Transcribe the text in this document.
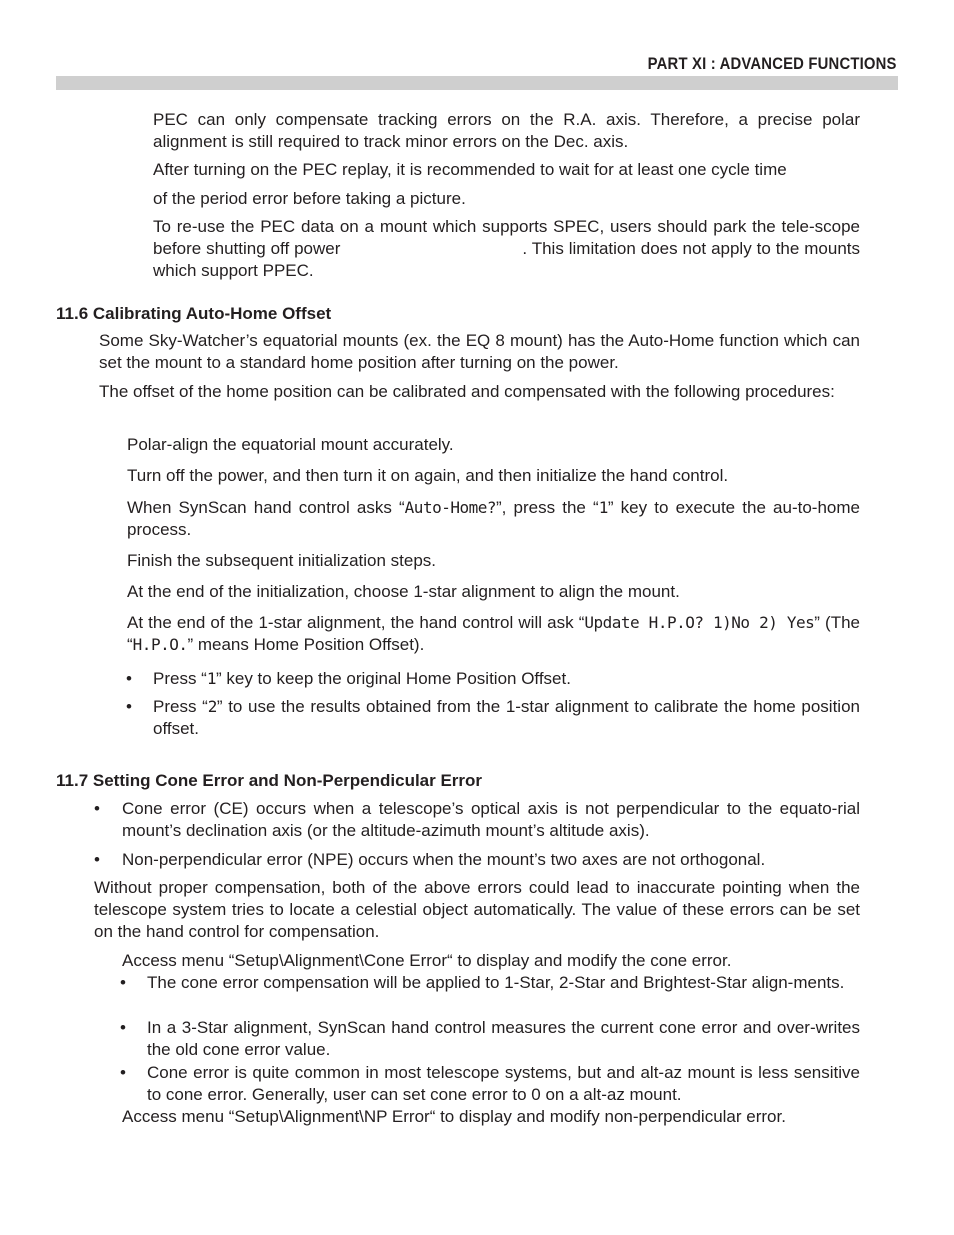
PART XI : ADVANCED FUNCTIONS

PEC can only compensate tracking errors on the R.A. axis. Therefore, a precise polar alignment is still required to track minor errors on the Dec. axis.

After turning on the PEC replay, it is recommended to wait for at least one cycle time

of the period error before taking a picture.

To re-use the PEC data on a mount which supports SPEC, users should park the tele-scope before shutting off power	. This limitation does not apply to the mounts which support PPEC.

11.6 Calibrating Auto-Home Offset

Some Sky-Watcher’s equatorial mounts (ex. the EQ 8 mount) has the Auto-Home function which can set the mount to a standard home position after turning on the power.

The offset of the home position can be calibrated and compensated with the following procedures:

Polar-align the equatorial mount accurately.

Turn off the power, and then turn it on again, and then initialize the hand control.

When SynScan hand control asks “Auto-Home?”, press the “1” key to execute the au-to-home process.

Finish the subsequent initialization steps.

At the end of the initialization, choose 1-star alignment to align the mount.

At the end of the 1-star alignment, the hand control will ask “Update H.P.O? 1)No 2) Yes” (The “H.P.O.” means Home Position Offset).

• Press “1” key to keep the original Home Position Offset.

• Press “2” to use the results obtained from the 1-star alignment to calibrate the home position offset.

11.7 Setting Cone Error and Non-Perpendicular Error
• Cone error (CE) occurs when a telescope’s optical axis is not perpendicular to the equato-rial mount’s declination axis (or the altitude-azimuth mount’s altitude axis).

• Non-perpendicular error (NPE) occurs when the mount’s two axes are not orthogonal.

Without proper compensation, both of the above errors could lead to inaccurate pointing when the telescope system tries to locate a celestial object automatically. The value of these errors can be set on the hand control for compensation.

Access menu “Setup\Alignment\Cone Error“ to display and modify the cone error.

• The cone error compensation will be applied to 1-Star, 2-Star and Brightest-Star align-ments.

• In a 3-Star alignment, SynScan hand control measures the current cone error and over-writes the old cone error value.

• Cone error is quite common in most telescope systems, but and alt-az mount is less sensitive to cone error. Generally, user can set cone error to 0 on a alt-az mount.

Access menu “Setup\Alignment\NP Error“ to display and modify non-perpendicular error.
